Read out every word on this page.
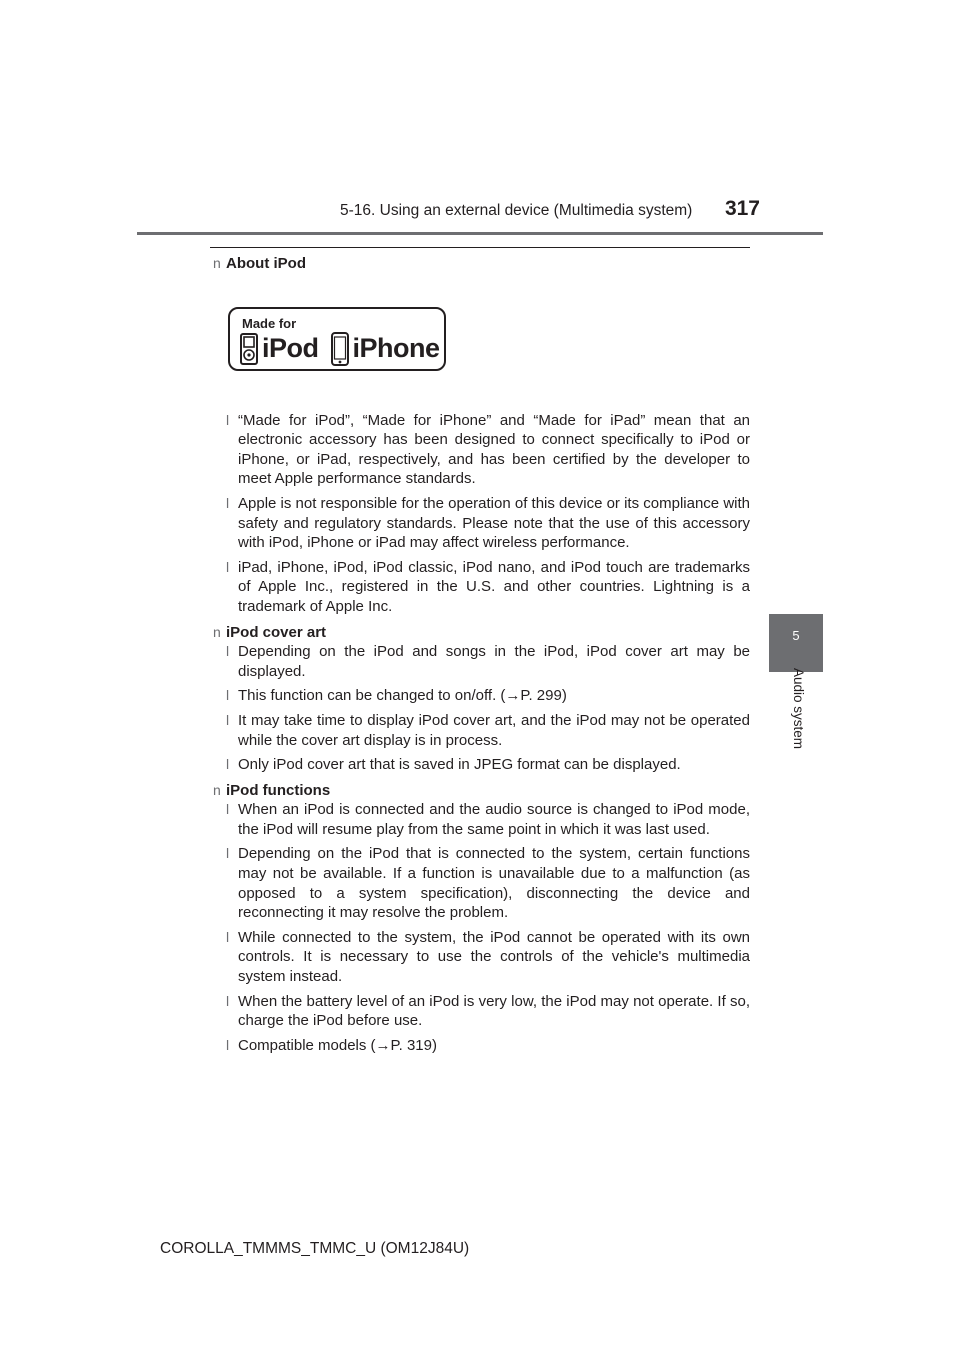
5-16. Using an external device (Multimedia system)	317
5
Audio system
n About iPod
Made for
iPod iPhone
l “Made for iPod”, “Made for iPhone” and “Made for iPad” mean that an electronic accessory has been designed to connect specifically to iPod or iPhone, or iPad, respectively, and has been certified by the developer to meet Apple performance standards.
l Apple is not responsible for the operation of this device or its compliance with safety and regulatory standards. Please note that the use of this accessory with iPod, iPhone or iPad may affect wireless performance.
l iPad, iPhone, iPod, iPod classic, iPod nano, and iPod touch are trademarks of Apple Inc., registered in the U.S. and other countries. Lightning is a trademark of Apple Inc.
n iPod cover art
l Depending on the iPod and songs in the iPod, iPod cover art may be displayed.
l This function can be changed to on/off. (→P. 299)
l It may take time to display iPod cover art, and the iPod may not be operated while the cover art display is in process.
l Only iPod cover art that is saved in JPEG format can be displayed.
n iPod functions
l When an iPod is connected and the audio source is changed to iPod mode, the iPod will resume play from the same point in which it was last used.
l Depending on the iPod that is connected to the system, certain functions may not be available. If a function is unavailable due to a malfunction (as opposed to a system specification), disconnecting the device and reconnecting it may resolve the problem.
l While connected to the system, the iPod cannot be operated with its own controls. It is necessary to use the controls of the vehicle's multimedia system instead.
l When the battery level of an iPod is very low, the iPod may not operate. If so, charge the iPod before use.
l Compatible models (→P. 319)
COROLLA_TMMMS_TMMC_U (OM12J84U)
